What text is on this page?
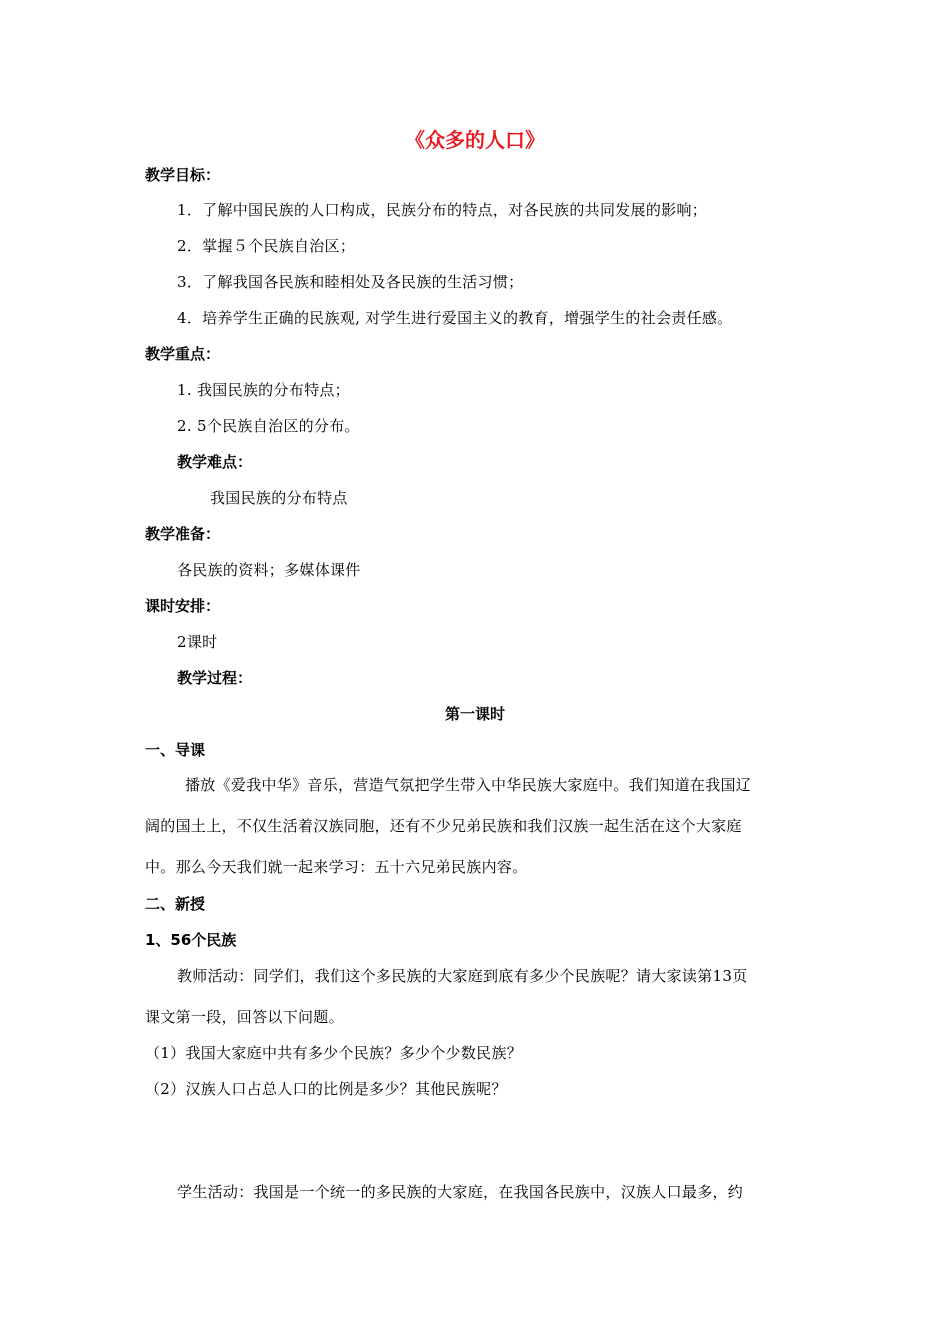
《众多的人口》
教学目标：
1．了解中国民族的人口构成，民族分布的特点，对各民族的共同发展的影响；
2．掌握５个民族自治区；
3．了解我国各民族和睦相处及各民族的生活习惯；
4．培养学生正确的民族观, 对学生进行爱国主义的教育，增强学生的社会责任感。
教学重点：
1. 我国民族的分布特点；
2. 5个民族自治区的分布。
教学难点：
我国民族的分布特点
教学准备：
各民族的资料；多媒体课件
课时安排：
2课时
教学过程：
第一课时
一、导课
播放《爱我中华》音乐，营造气氛把学生带入中华民族大家庭中。我们知道在我国辽
阔的国土上，不仅生活着汉族同胞，还有不少兄弟民族和我们汉族一起生活在这个大家庭
中。那么今天我们就一起来学习：五十六兄弟民族内容。
二、新授
1、56个民族
教师活动：同学们，我们这个多民族的大家庭到底有多少个民族呢？请大家读第13页
课文第一段，回答以下问题。
（1）我国大家庭中共有多少个民族？多少个少数民族？
（2）汉族人口占总人口的比例是多少？其他民族呢？
学生活动：我国是一个统一的多民族的大家庭，在我国各民族中，汉族人口最多，约
